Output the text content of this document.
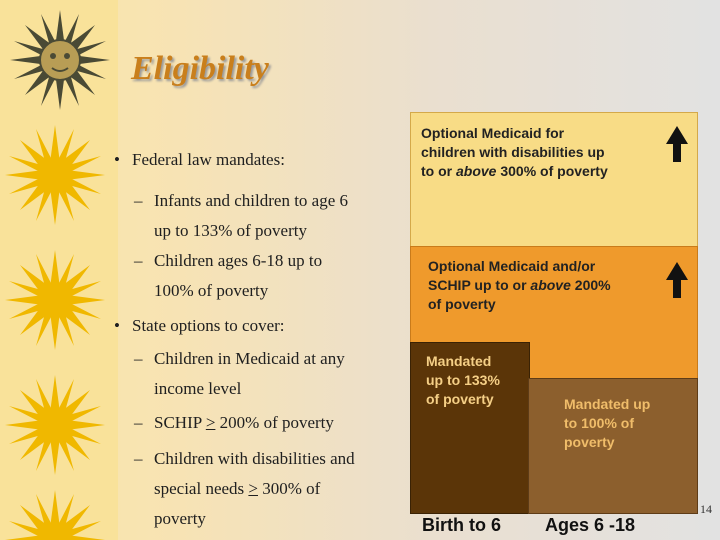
Eligibility
• Federal law mandates:
– Infants and children to age 6
up to 133% of poverty
– Children ages 6-18 up to
100% of poverty
• State options to cover:
– Children in Medicaid at any
income level
– SCHIP > 200% of poverty
– Children with disabilities and
special needs > 300% of
poverty
Optional Medicaid for
children with disabilities up
to or above 300% of poverty
Optional Medicaid and/or
SCHIP up to or above 200%
of poverty
Mandated
up to 133%
of poverty	Mandated up
to 100% of
poverty
Birth to 6 Ages 6 -18
14
